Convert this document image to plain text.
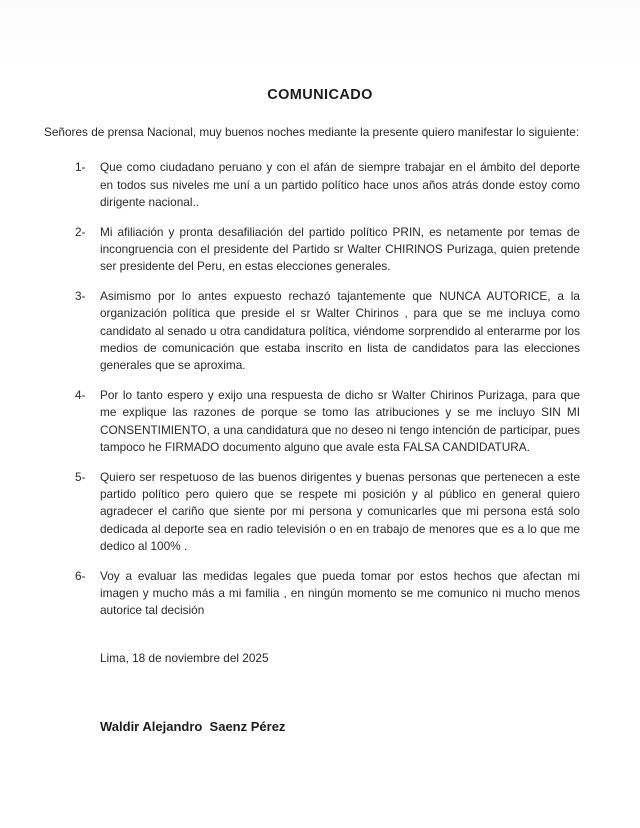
COMUNICADO

Señores de prensa Nacional, muy buenos noches mediante la presente quiero manifestar lo siguiente:

1-	Que como ciudadano peruano y con el afán de siempre trabajar en el ámbito del deporte en todos sus niveles me uní a un partido político hace unos años atrás donde estoy como dirigente nacional..
2-	Mi afiliación y pronta desafiliación del partido político PRIN, es netamente por temas de incongruencia con el presidente del Partido sr Walter CHIRINOS Purizaga, quien pretende ser presidente del Peru, en estas elecciones generales.
3-	Asimismo por lo antes expuesto rechazó tajantemente que NUNCA AUTORICE, a la organización política que preside el sr Walter Chirinos , para que se me incluya como candidato al senado u otra candidatura política, viéndome sorprendido al enterarme por los medios de comunicación que estaba inscrito en lista de candidatos para las elecciones generales que se aproxima.
4-	Por lo tanto espero y exijo una respuesta de dicho sr Walter Chirinos Purizaga, para que me explique las razones de porque se tomo las atribuciones y se me incluyo SIN MI CONSENTIMIENTO, a una candidatura que no deseo ni tengo intención de participar, pues tampoco he FIRMADO documento alguno que avale esta FALSA CANDIDATURA.
5-	Quiero ser respetuoso de las buenos dirigentes y buenas personas que pertenecen a este partido político pero quiero que se respete mi posición y al público en general quiero agradecer el cariño que siente por mi persona y comunicarles que mi persona está solo dedicada al deporte sea en radio televisión o en en trabajo de menores que es a lo que me dedico al 100% .
6-	Voy a evaluar las medidas legales que pueda tomar por estos hechos que afectan mi imagen y mucho más a mi familia , en ningún momento se me comunico ni mucho menos autorice tal decisión

Lima, 18 de noviembre del 2025

Waldir Alejandro  Saenz Pérez
